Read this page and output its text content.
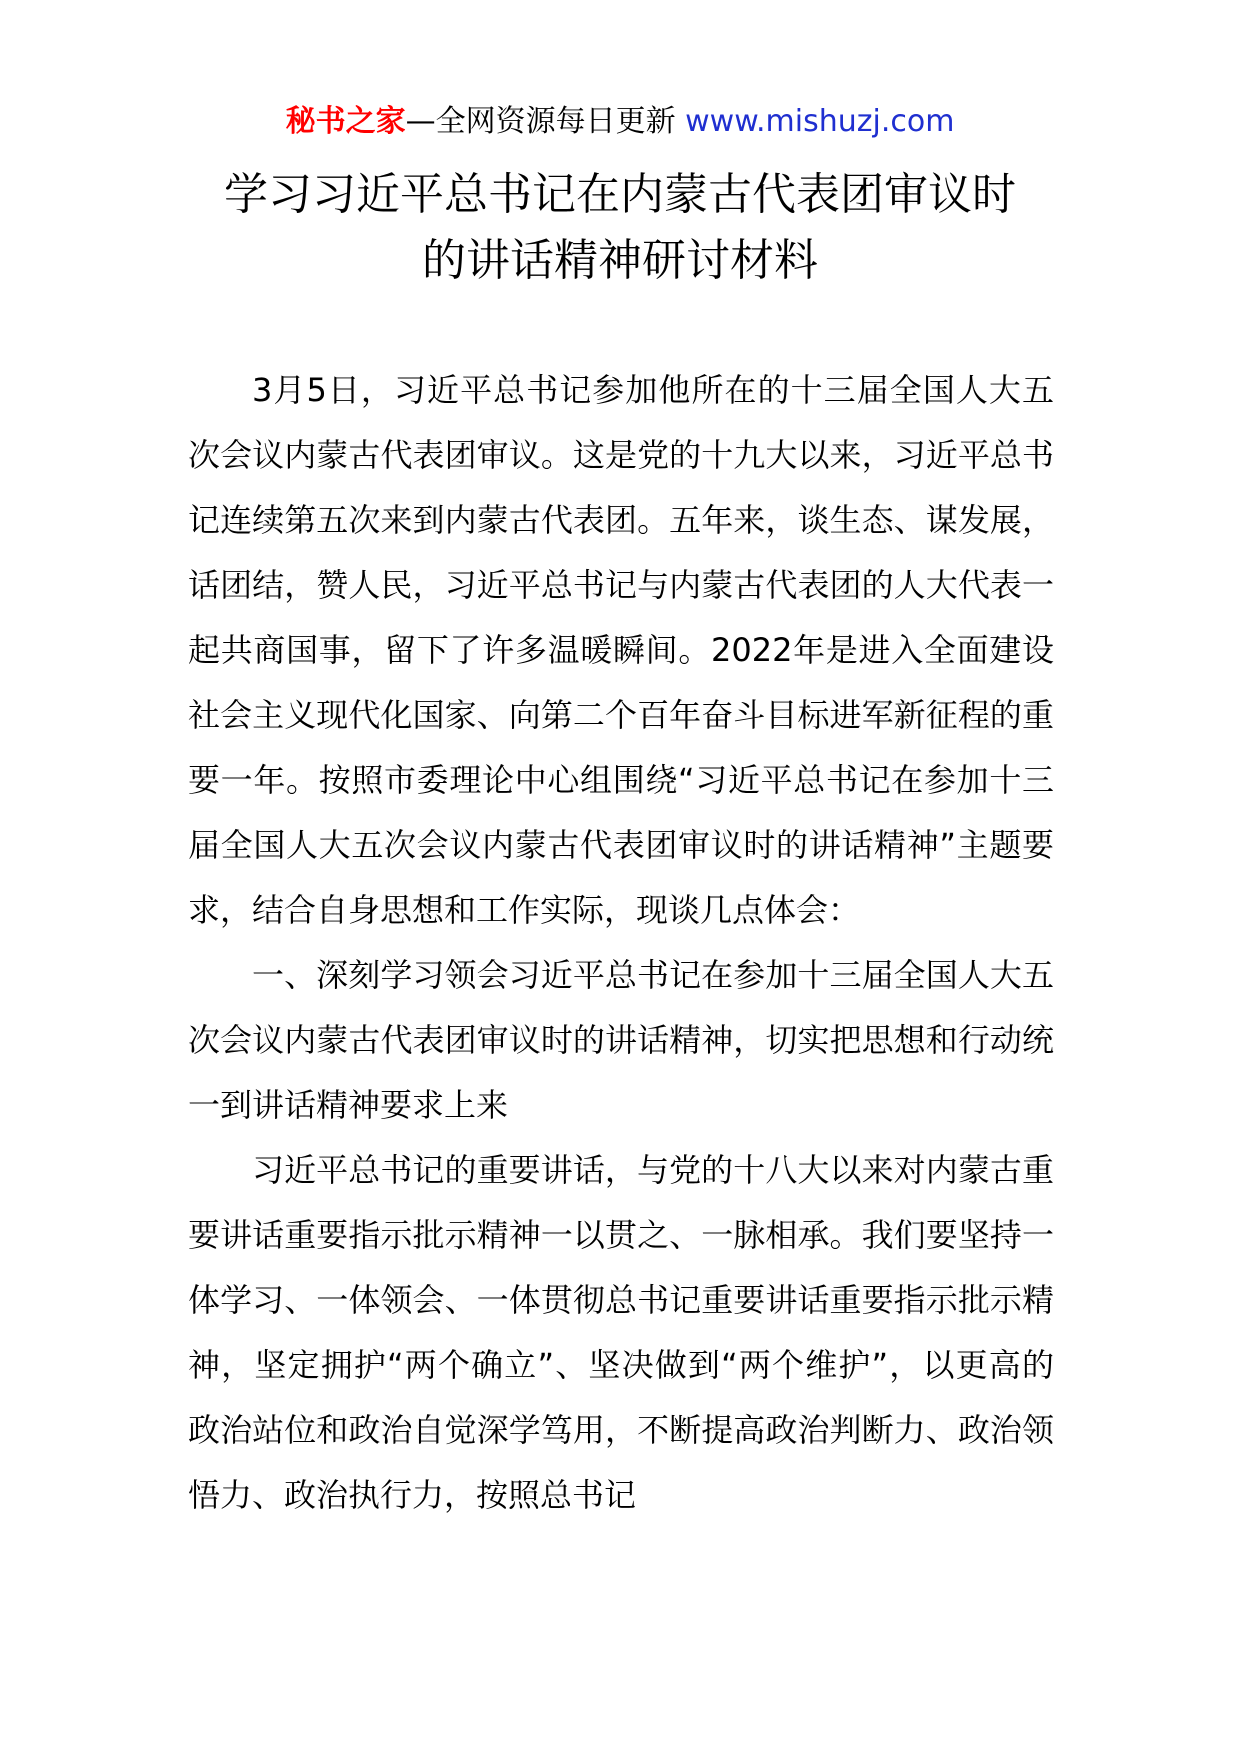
秘书之家—全网资源每日更新 www.mishuzj.com
学习习近平总书记在内蒙古代表团审议时
的讲话精神研讨材料

3月5日，习近平总书记参加他所在的十三届全国人大五次会议内蒙古代表团审议。这是党的十九大以来，习近平总书记连续第五次来到内蒙古代表团。五年来，谈生态、谋发展，话团结，赞人民，习近平总书记与内蒙古代表团的人大代表一起共商国事，留下了许多温暖瞬间。2022年是进入全面建设社会主义现代化国家、向第二个百年奋斗目标进军新征程的重要一年。按照市委理论中心组围绕“习近平总书记在参加十三届全国人大五次会议内蒙古代表团审议时的讲话精神”主题要求，结合自身思想和工作实际，现谈几点体会：

一、深刻学习领会习近平总书记在参加十三届全国人大五次会议内蒙古代表团审议时的讲话精神，切实把思想和行动统一到讲话精神要求上来

习近平总书记的重要讲话，与党的十八大以来对内蒙古重要讲话重要指示批示精神一以贯之、一脉相承。我们要坚持一体学习、一体领会、一体贯彻总书记重要讲话重要指示批示精神，坚定拥护“两个确立”、坚决做到“两个维护”，以更高的政治站位和政治自觉深学笃用，不断提高政治判断力、政治领悟力、政治执行力，按照总书记
